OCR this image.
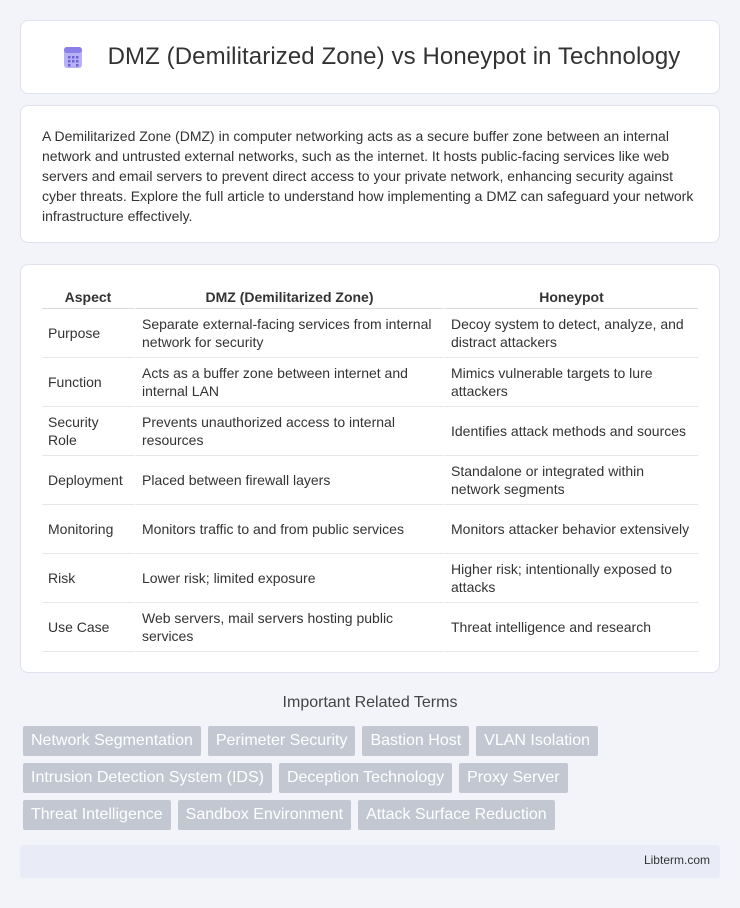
DMZ (Demilitarized Zone) vs Honeypot in Technology

A Demilitarized Zone (DMZ) in computer networking acts as a secure buffer zone between an internal network and untrusted external networks, such as the internet. It hosts public-facing services like web servers and email servers to prevent direct access to your private network, enhancing security against cyber threats. Explore the full article to understand how implementing a DMZ can safeguard your network infrastructure effectively.

Aspect	DMZ (Demilitarized Zone)	Honeypot
Purpose	Separate external-facing services from internal network for security	Decoy system to detect, analyze, and distract attackers
Function	Acts as a buffer zone between internet and internal LAN	Mimics vulnerable targets to lure attackers
Security Role	Prevents unauthorized access to internal resources	Identifies attack methods and sources
Deployment	Placed between firewall layers	Standalone or integrated within network segments
Monitoring	Monitors traffic to and from public services	Monitors attacker behavior extensively
Risk	Lower risk; limited exposure	Higher risk; intentionally exposed to attacks
Use Case	Web servers, mail servers hosting public services	Threat intelligence and research
Important Related Terms
Network Segmentation	Perimeter Security	Bastion Host	VLAN Isolation
Intrusion Detection System (IDS)	Deception Technology	Proxy Server
Threat Intelligence	Sandbox Environment	Attack Surface Reduction
Libterm.com
